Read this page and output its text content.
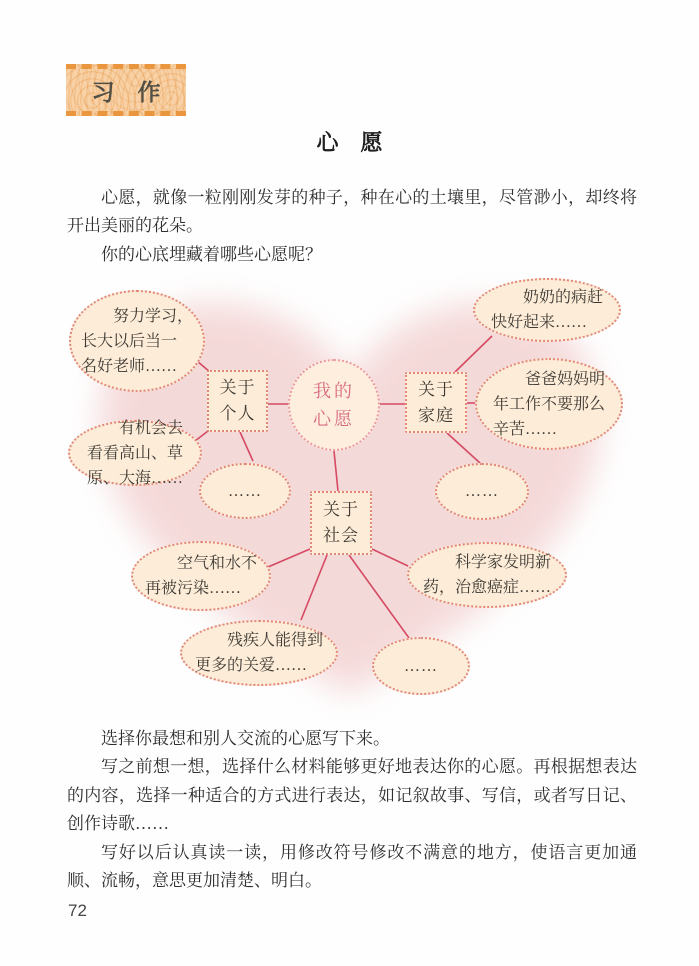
习　作
心　愿

心愿，就像一粒刚刚发芽的种子，种在心的土壤里，尽管渺小，却终将开出美丽的花朵。

你的心底埋藏着哪些心愿呢？

我的
心愿
关于
个人
关于
家庭
关于
社会
努力学习，
长大以后当一
名好老师……
有机会去
看看高山、草
原、大海……
……
奶奶的病赶
快好起来……
爸爸妈妈明
年工作不要那么
辛苦……
……
空气和水不
再被污染……
残疾人能得到
更多的关爱……
科学家发明新
药，治愈癌症……
……

选择你最想和别人交流的心愿写下来。

写之前想一想，选择什么材料能够更好地表达你的心愿。再根据想表达的内容，选择一种适合的方式进行表达，如记叙故事、写信，或者写日记、创作诗歌……

写好以后认真读一读，用修改符号修改不满意的地方，使语言更加通顺、流畅，意思更加清楚、明白。

72
